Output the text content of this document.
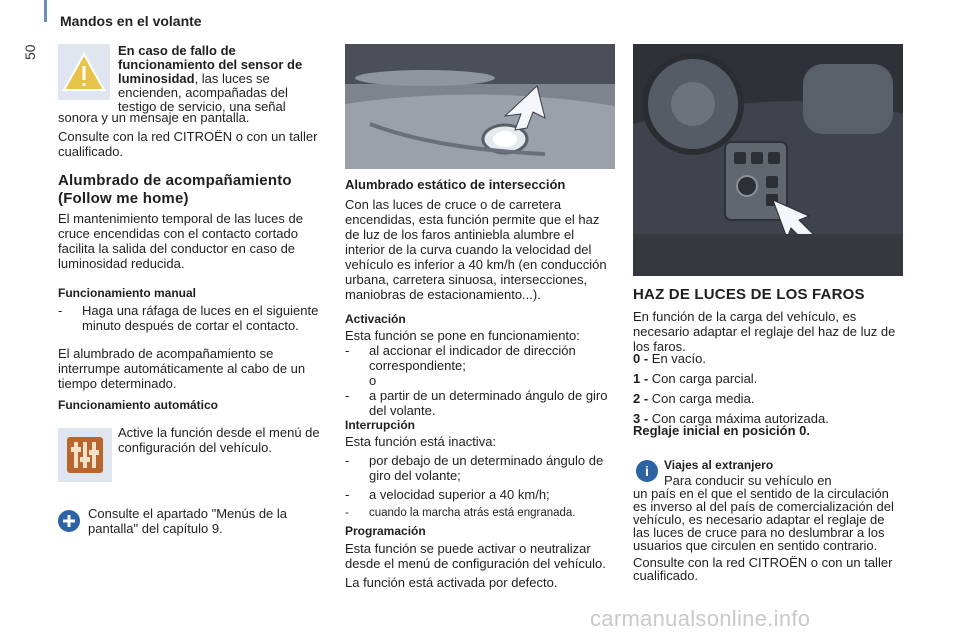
50
Mandos en el volante
En caso de fallo de funcionamiento del sensor de luminosidad, las luces se encienden, acompañadas del testigo de servicio, una señal

sonora y un mensaje en pantalla.

Consulte con la red CITROËN o con un taller cualificado.

Alumbrado de acompañamiento (Follow me home)
El mantenimiento temporal de las luces de cruce encendidas con el contacto cortado facilita la salida del conductor en caso de luminosidad reducida.
Funcionamiento manual
-	Haga una ráfaga de luces en el siguiente minuto después de cortar el contacto.
El alumbrado de acompañamiento se interrumpe automáticamente al cabo de un tiempo determinado.
Funcionamiento automático
Active la función desde el menú de configuración del vehículo.
Consulte el apartado "Menús de la pantalla" del capítulo 9.
Alumbrado estático de intersección
Con las luces de cruce o de carretera encendidas, esta función permite que el haz de luz de los faros antiniebla alumbre el interior de la curva cuando la velocidad del vehículo es inferior a 40 km/h (en conducción urbana, carretera sinuosa, intersecciones, maniobras de estacionamiento...).
Activación
Esta función se pone en funcionamiento:
-	al accionar el indicador de dirección correspondiente;
o
-	a partir de un determinado ángulo de giro del volante.
Interrupción

Esta función está inactiva:

-	por debajo de un determinado ángulo de giro del volante;
-	a velocidad superior a 40 km/h;
-	cuando la marcha atrás está engranada.
Programación

Esta función se puede activar o neutralizar desde el menú de configuración del vehículo.

La función está activada por defecto.

HAZ DE LUCES DE LOS FAROS
En función de la carga del vehículo, es necesario adaptar el reglaje del haz de luz de los faros.
0 - En vacío.
1 - Con carga parcial.
2 - Con carga media.
3 - Con carga máxima autorizada.
Reglaje inicial en posición 0.
i	Viajes al extranjero
Para conducir su vehículo en
un país en el que el sentido de la circulación es inverso al del país de comercialización del vehículo, es necesario adaptar el reglaje de las luces de cruce para no deslumbrar a los usuarios que circulen en sentido contrario.
Consulte con la red CITROËN o con un taller cualificado.
carmanualsonline.info
